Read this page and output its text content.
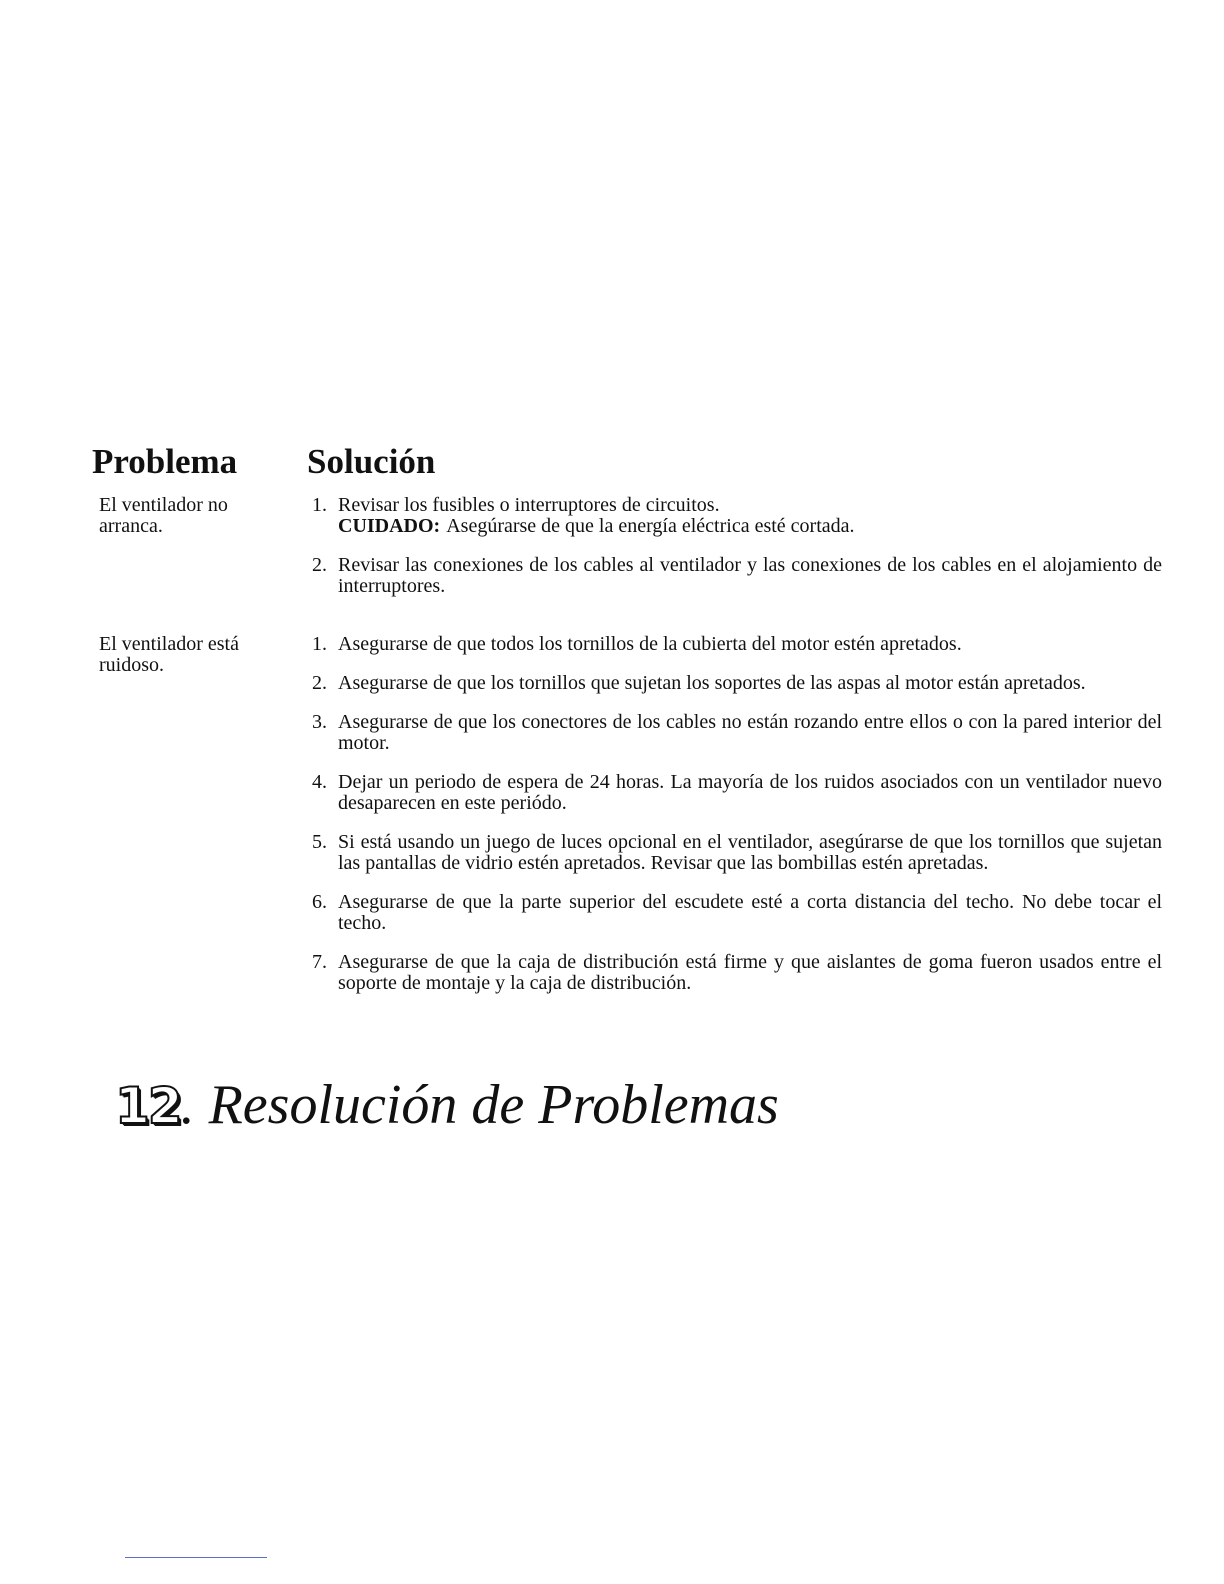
Problema Solución

El ventilador no arranca.

1. Revisar los fusibles o interruptores de circuitos.
CUIDADO: Asegúrarse de que la energía eléctrica esté cortada.
2. Revisar las conexiones de los cables al ventilador y las conexiones de los cables en el alojamiento de interruptores.

El ventilador está ruidoso.

1. Asegurarse de que todos los tornillos de la cubierta del motor estén apretados.
2. Asegurarse de que los tornillos que sujetan los soportes de las aspas al motor están apretados.
3. Asegurarse de que los conectores de los cables no están rozando entre ellos o con la pared interior del motor.
4. Dejar un periodo de espera de 24 horas. La mayoría de los ruidos asociados con un ventilador nuevo desaparecen en este periódo.
5. Si está usando un juego de luces opcional en el ventilador, asegúrarse de que los tornillos que sujetan las pantallas de vidrio estén apretados. Revisar que las bombillas estén apretadas.
6. Asegurarse de que la parte superior del escudete esté a corta distancia del techo. No debe tocar el techo.
7. Asegurarse de que la caja de distribución está firme y que aislantes de goma fueron usados entre el soporte de montaje y la caja de distribución.
12. Resolución de Problemas
